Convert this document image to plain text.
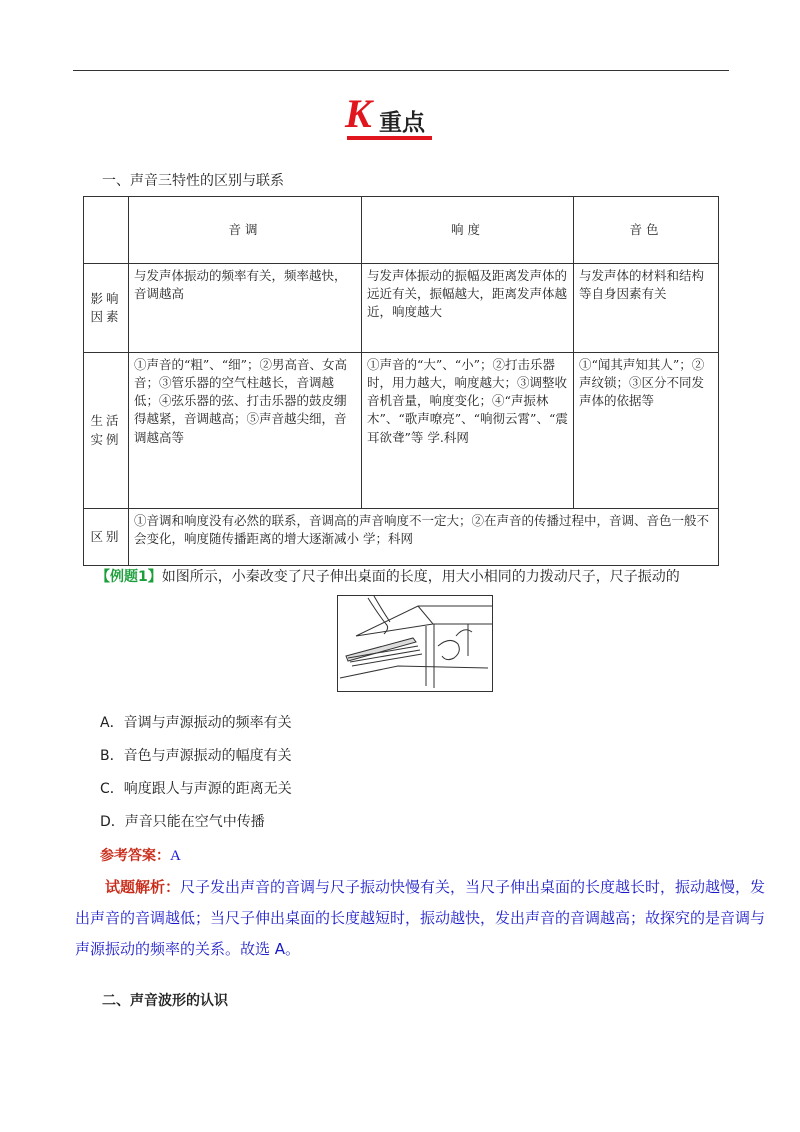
K 重点
一、声音三特性的区别与联系
	音调	响度	音色
影响因素	与发声体振动的频率有关，频率越快，音调越高	与发声体振动的振幅及距离发声体的远近有关，振幅越大，距离发声体越近，响度越大	与发声体的材料和结构等自身因素有关
生活实例	①声音的“粗”、“细”；②男高音、女高音；③管乐器的空气柱越长，音调越低；④弦乐器的弦、打击乐器的鼓皮绷得越紧，音调越高；⑤声音越尖细，音调越高等	①声音的“大”、“小”；②打击乐器时，用力越大，响度越大；③调整收音机音量，响度变化；④“声振林木”、“歌声嘹亮”、“响彻云霄”、“震耳欲聋”等 学.科网	①“闻其声知其人”；②声纹锁；③区分不同发声体的依据等
区别	①音调和响度没有必然的联系，音调高的声音响度不一定大；②在声音的传播过程中，音调、音色一般不会变化，响度随传播距离的增大逐渐减小 学；科网		
【例题1】如图所示，小秦改变了尺子伸出桌面的长度，用大小相同的力拨动尺子，尺子振动的
A．音调与声源振动的频率有关
B．音色与声源振动的幅度有关
C．响度跟人与声源的距离无关
D．声音只能在空气中传播
参考答案：A
试题解析：尺子发出声音的音调与尺子振动快慢有关，当尺子伸出桌面的长度越长时，振动越慢，发
出声音的音调越低；当尺子伸出桌面的长度越短时，振动越快，发出声音的音调越高；故探究的是音调与
声源振动的频率的关系。故选 A。
二、声音波形的认识
